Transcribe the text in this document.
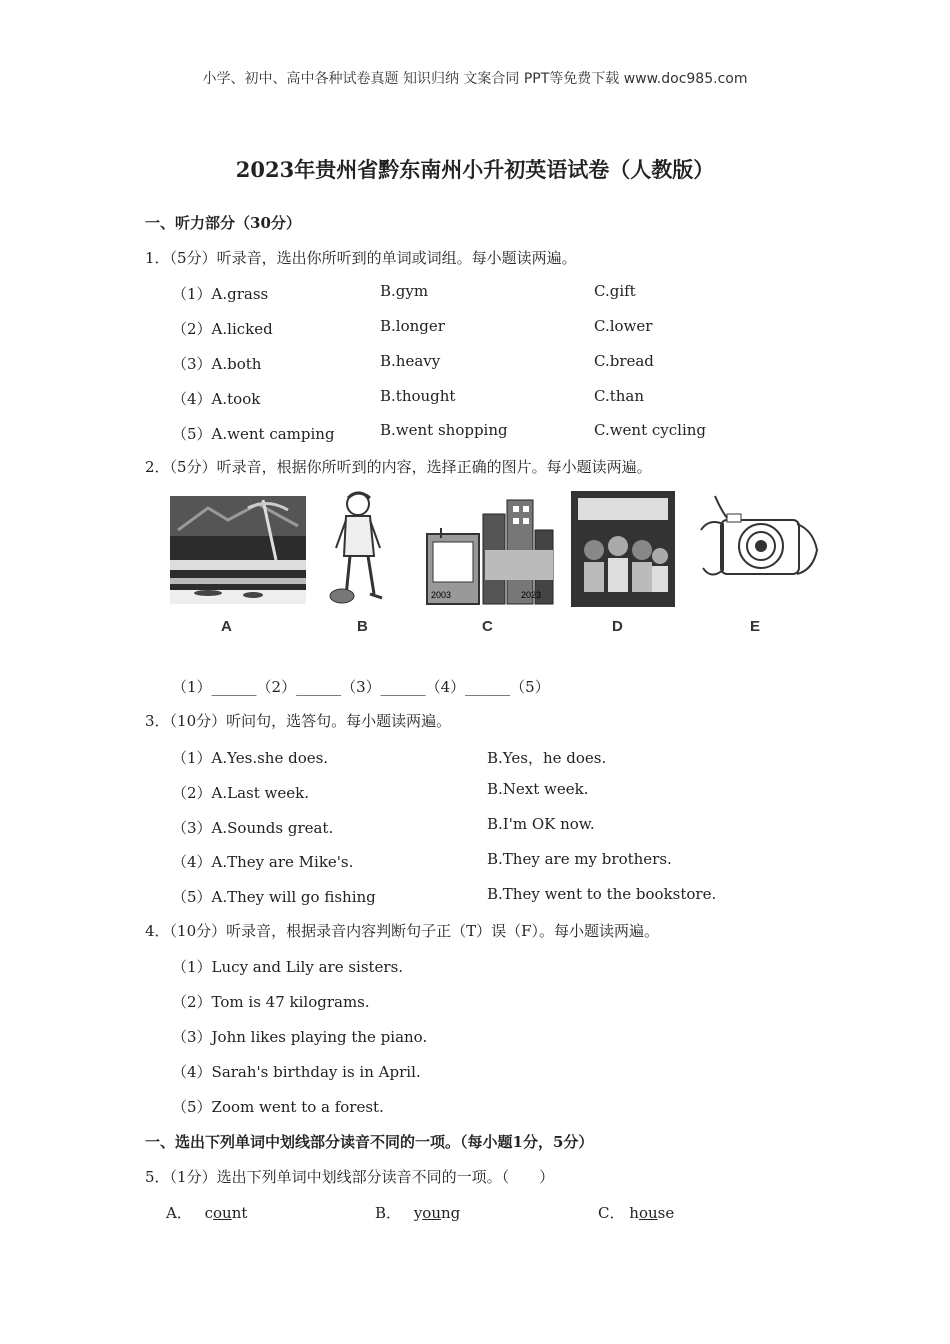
小学、初中、高中各种试卷真题 知识归纳 文案合同 PPT等免费下载 www.doc985.com
2023年贵州省黔东南州小升初英语试卷（人教版）
一、听力部分（30分）
1．（5分）听录音，选出你所听到的单词或词组。每小题读两遍。
（1）A.grass	B.gym	C.gift
（2）A.licked	B.longer	C.lower
（3）A.both	B.heavy	C.bread
（4）A.took	B.thought	C.than
（5）A.went camping	B.went shopping	C.went cycling
2．（5分）听录音，根据你所听到的内容，选择正确的图片。每小题读两遍。
A	B
2003	2023
C	D	E
（1）______（2）______（3）______（4）______（5）
3．（10分）听问句，选答句。每小题读两遍。
（1）A.Yes.she does.	B.Yes，he does.
（2）A.Last week.	B.Next week.
（3）A.Sounds great.	B.I'm OK now.
（4）A.They are Mike's.	B.They are my brothers.
（5）A.They will go fishing	B.They went to the bookstore.
4．（10分）听录音，根据录音内容判断句子正（T）误（F）。每小题读两遍。
（1）Lucy and Lily are sisters.
（2）Tom is 47 kilograms.
（3）John likes playing the piano.
（4）Sarah's birthday is in April.
（5）Zoom went to a forest.
一、选出下列单词中划线部分读音不同的一项。（每小题1分，5分）
5．（1分）选出下列单词中划线部分读音不同的一项。（　　）
A． count	B． young	C． house
